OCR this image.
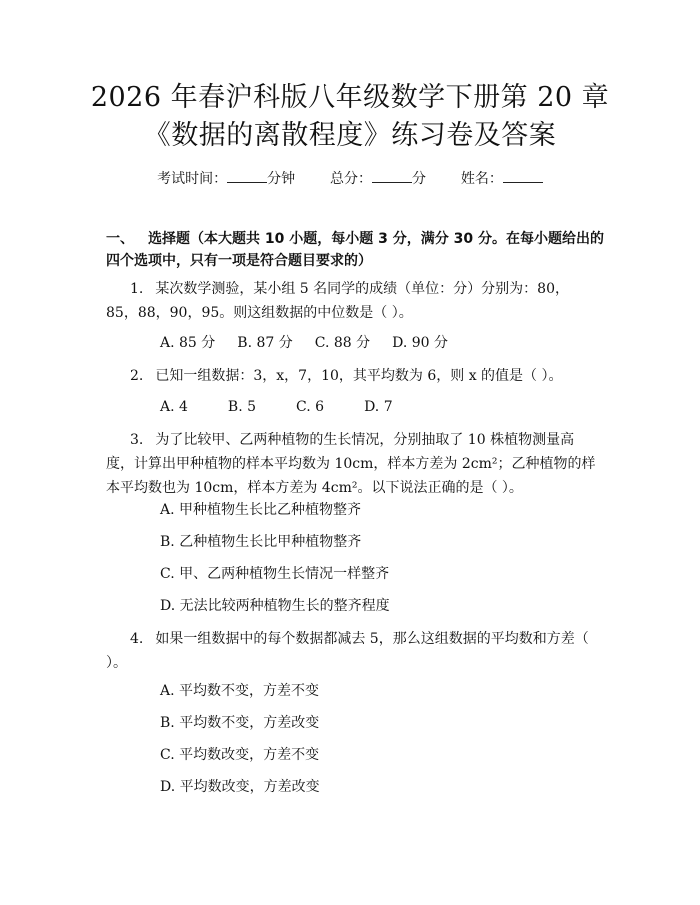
2026 年春沪科版八年级数学下册第 20 章
《数据的离散程度》练习卷及答案
考试时间：	分钟 总分：	分 姓名：
一、 选择题（本大题共 10 小题，每小题 3 分，满分 30 分。在每小题给出的四个选项中，只有一项是符合题目要求的）
1. 某次数学测验，某小组 5 名同学的成绩（单位：分）分别为：80，85，88，90，95。则这组数据的中位数是（ ）。
A. 85 分 B. 87 分 C. 88 分 D. 90 分
2. 已知一组数据：3，x，7，10，其平均数为 6，则 x 的值是（ ）。
A. 4	B. 5	C. 6	D. 7
3. 为了比较甲、乙两种植物的生长情况，分别抽取了 10 株植物测量高度，计算出甲种植物的样本平均数为 10cm，样本方差为 2cm²；乙种植物的样本平均数也为 10cm，样本方差为 4cm²。以下说法正确的是（ ）。
A. 甲种植物生长比乙种植物整齐
B. 乙种植物生长比甲种植物整齐
C. 甲、乙两种植物生长情况一样整齐
D. 无法比较两种植物生长的整齐程度
4. 如果一组数据中的每个数据都减去 5，那么这组数据的平均数和方差（ ）。
A. 平均数不变，方差不变
B. 平均数不变，方差改变
C. 平均数改变，方差不变
D. 平均数改变，方差改变
